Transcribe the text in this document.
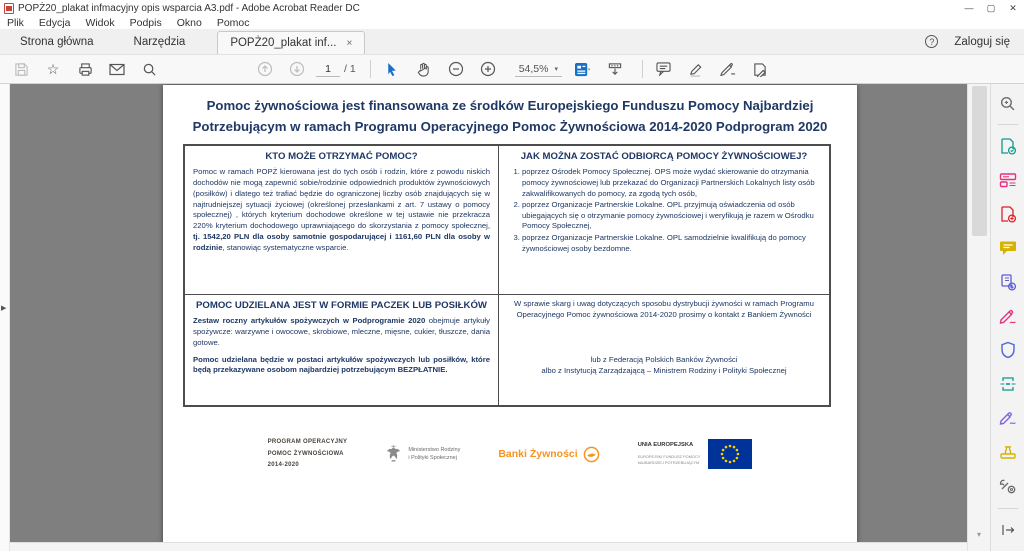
POPŻ20_plakat infmacyjny opis wsparcia A3.pdf - Adobe Acrobat Reader DC	—	▢	✕
Plik Edycja Widok Podpis Okno Pomoc
Strona główna	Narzędzia	POPŻ20_plakat inf... ×	?	Zaloguj się
☆
1	/ 1	54,5% ▾
▶
Pomoc żywnościowa jest finansowana ze środków Europejskiego Funduszu Pomocy Najbardziej Potrzebującym w ramach Programu Operacyjnego Pomoc Żywnościowa 2014-2020 Podprogram 2020
KTO MOŻE OTRZYMAĆ POMOC?
Pomoc w ramach POPŻ kierowana jest do tych osób i rodzin, które z powodu niskich dochodów nie mogą zapewnić sobie/rodzinie odpowiednich produktów żywnościowych (posiłków) i dlatego też trafiać będzie do ograniczonej liczby osób znajdujących się w najtrudniejszej sytuacji życiowej (określonej przesłankami z art. 7 ustawy o pomocy społecznej) , których kryterium dochodowe określone w tej ustawie nie przekracza 220% kryterium dochodowego uprawniającego do skorzystania z pomocy społecznej, tj. 1542,20 PLN dla osoby samotnie gospodarującej i 1161,60 PLN dla osoby w rodzinie, stanowiąc systematyczne wsparcie.
JAK MOŻNA ZOSTAĆ ODBIORCĄ POMOCY ŻYWNOŚCIOWEJ?
1. poprzez Ośrodek Pomocy Społecznej. OPS może wydać skierowanie do otrzymania pomocy żywnościowej lub przekazać do Organizacji Partnerskich Lokalnych listy osób zakwalifikowanych do pomocy, za zgodą tych osób,
2. poprzez Organizacje Partnerskie Lokalne. OPL przyjmują oświadczenia od osób ubiegających się o otrzymanie pomocy żywnościowej i weryfikują je razem w Ośrodku Pomocy Społecznej,
3. poprzez Organizacje Partnerskie Lokalne. OPL samodzielnie kwalifikują do pomocy żywnościowej osoby bezdomne.
POMOC UDZIELANA JEST W FORMIE PACZEK LUB POSIŁKÓW
Zestaw roczny artykułów spożywczych w Podprogramie 2020 obejmuje artykuły spożywcze: warzywne i owocowe, skrobiowe, mleczne, mięsne, cukier, tłuszcze, dania gotowe.
Pomoc udzielana będzie w postaci artykułów spożywczych lub posiłków, które będą przekazywane osobom najbardziej potrzebującym BEZPŁATNIE.
W sprawie skarg i uwag dotyczących sposobu dystrybucji żywności w ramach Programu Operacyjnego Pomoc żywnościowa 2014-2020 prosimy o kontakt z Bankiem Żywności
lub z Federacją Polskich Banków Żywności
albo z Instytucją Zarządzającą – Ministrem Rodziny i Polityki Społecznej
PROGRAM OPERACYJNY
POMOC ŻYWNOŚCIOWA
2014-2020
Ministerstwo Rodziny
i Polityki Społecznej	Banki Żywności
UNIA EUROPEJSKA
EUROPEJSKI FUNDUSZ POMOCY
NAJBARDZIEJ POTRZEBUJĄCYM
▾
